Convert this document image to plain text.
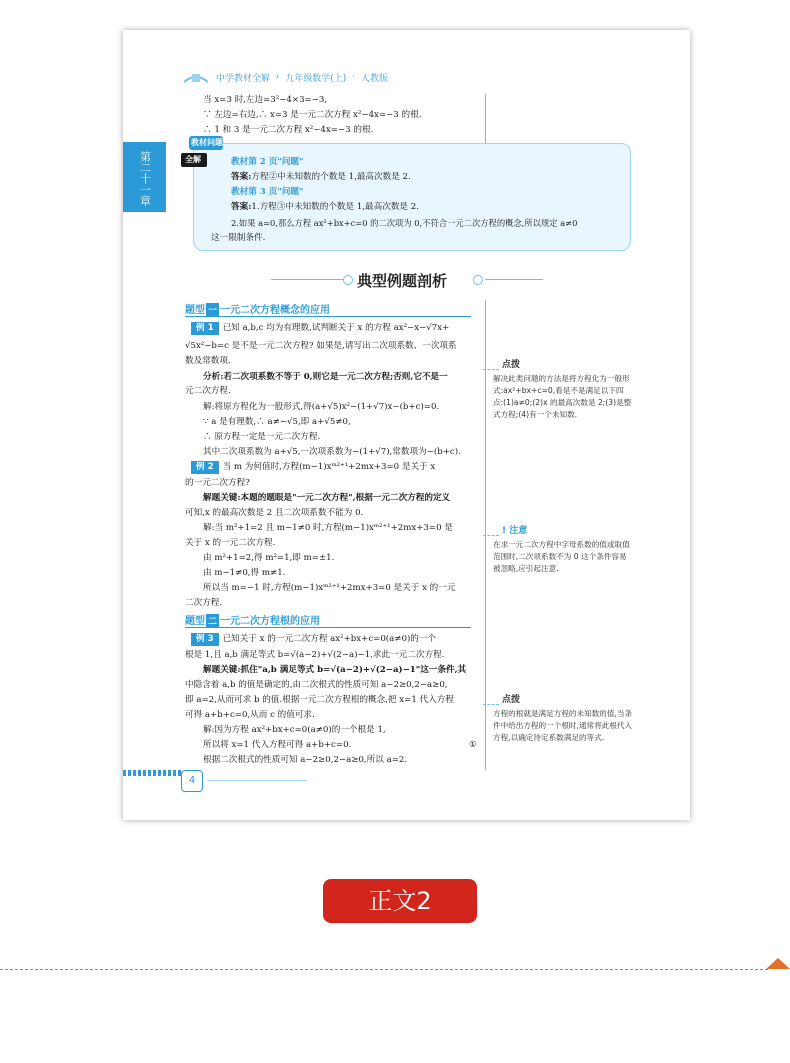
中学教材全解 › 九年级数学(上) · 人教版
第二十一章
当 x=3 时,左边=3²−4×3=−3,
∵ 左边=右边,∴ x=3 是一元二次方程 x²−4x=−3 的根.
∴ 1 和 3 是一元二次方程 x²−4x=−3 的根.
教材问题
全解	教材第 2 页"问题"
答案:方程②中未知数的个数是 1,最高次数是 2.
教材第 3 页"问题"
答案:1.方程③中未知数的个数是 1,最高次数是 2.
2.如果 a=0,那么方程 ax²+bx+c=0 的二次项为 0,不符合一元二次方程的概念,所以规定 a≠0
这一限制条件.
典型例题剖析
题型 一 一元二次方程概念的应用
例 1 已知 a,b,c 均为有理数,试判断关于 x 的方程 ax²−x−√7x+
√5x²−b=c 是不是一元二次方程? 如果是,请写出二次项系数、一次项系
数及常数项.
分析:若二次项系数不等于 0,则它是一元二次方程;否则,它不是一
元二次方程.
解:将原方程化为一般形式,得(a+√5)x²−(1+√7)x−(b+c)=0.
∵ a 是有理数,∴ a≠−√5,即 a+√5≠0,
∴ 原方程一定是一元二次方程.
其中二次项系数为 a+√5,一次项系数为−(1+√7),常数项为−(b+c).
例 2 当 m 为何值时,方程(m−1)xᵐ²⁺¹+2mx+3=0 是关于 x
的一元二次方程?
解题关键:本题的题眼是"一元二次方程",根据一元二次方程的定义
可知,x 的最高次数是 2 且二次项系数不能为 0.
解:当 m²+1=2 且 m−1≠0 时,方程(m−1)xᵐ²⁺¹+2mx+3=0 是
关于 x 的一元二次方程.
由 m²+1=2,得 m²=1,即 m=±1.
由 m−1≠0,得 m≠1.
所以当 m=−1 时,方程(m−1)xᵐ²⁺¹+2mx+3=0 是关于 x 的一元
二次方程.
题型 二 一元二次方程根的应用
例 3 已知关于 x 的一元二次方程 ax²+bx+c=0(a≠0)的一个
根是 1,且 a,b 满足等式 b=√(a−2)+√(2−a)−1,求此一元二次方程.
解题关键:抓住"a,b 满足等式 b=√(a−2)+√(2−a)−1"这一条件,其
中隐含着 a,b 的值是确定的,由二次根式的性质可知 a−2≥0,2−a≥0,
即 a=2,从而可求 b 的值.根据一元二次方程根的概念,把 x=1 代入方程
可得 a+b+c=0,从而 c 的值可求.
解:因为方程 ax²+bx+c=0(a≠0)的一个根是 1,
所以将 x=1 代入方程可得 a+b+c=0.	①
根据二次根式的性质可知 a−2≥0,2−a≥0,所以 a=2.
点拨
解决此类问题的方法是将方程化为一般形式:ax²+bx+c=0,看是不是满足以下四点:(1)a≠0;(2)x 的最高次数是 2;(3)是整式方程;(4)有一个未知数.
! 注意
在求一元二次方程中字母系数的值或取值范围时,二次项系数不为 0 这个条件容易被忽略,应引起注意.
点拨
方程的根就是满足方程的未知数的值,当条件中给出方程的一个根时,通常将此根代入方程,以确定待定系数满足的等式.
4
正文2
